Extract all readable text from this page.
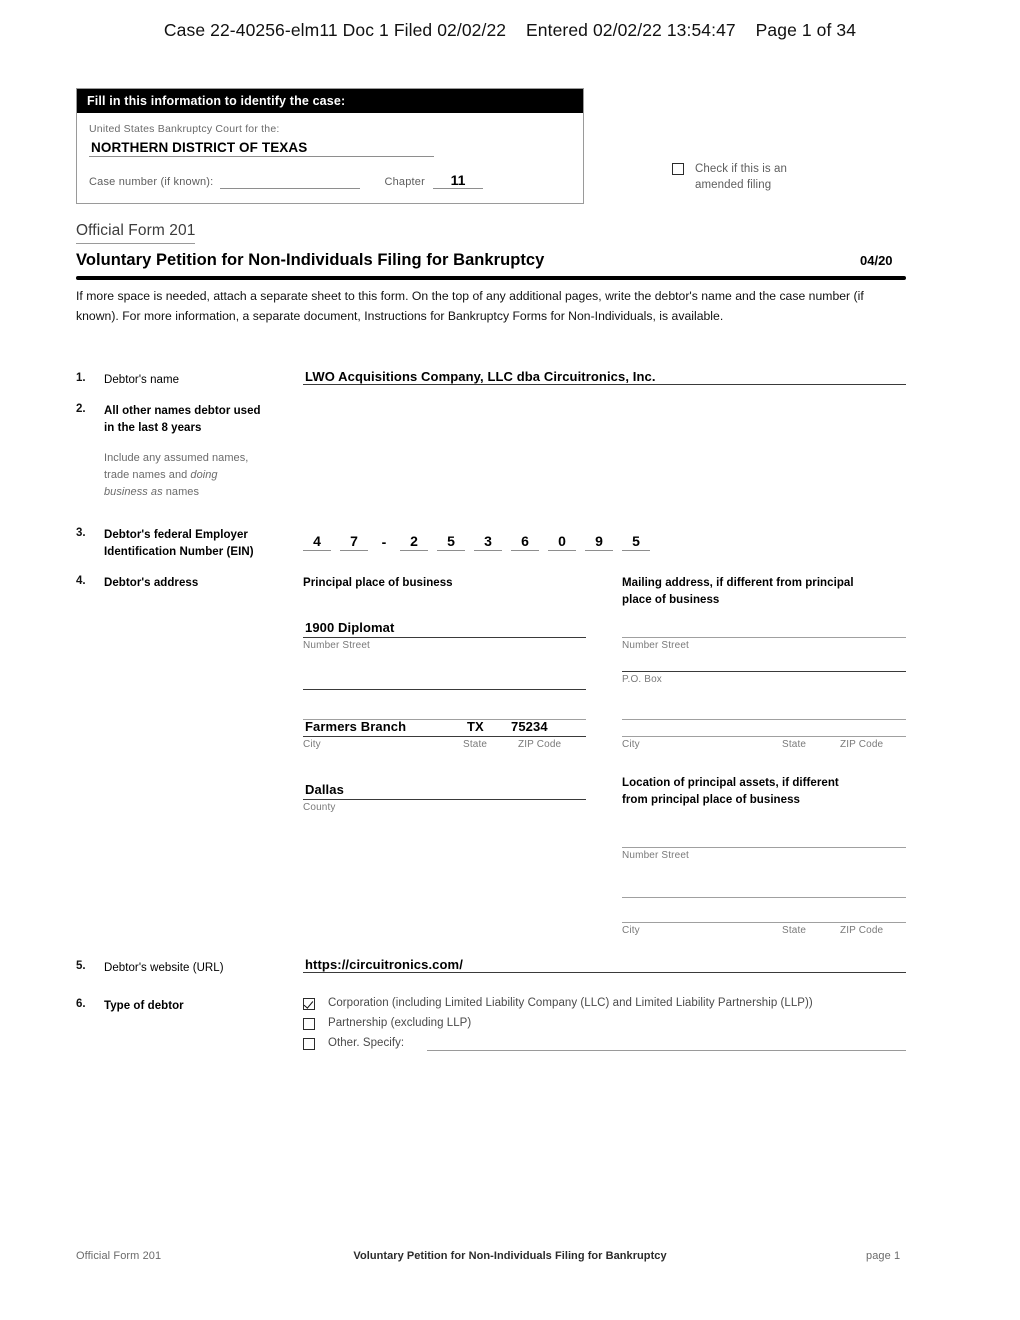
Case 22-40256-elm11 Doc 1 Filed 02/02/22 Entered 02/02/22 13:54:47 Page 1 of 34
Fill in this information to identify the case:
United States Bankruptcy Court for the:
NORTHERN DISTRICT OF TEXAS
Case number (if known):	Chapter	11
Check if this is an
amended filing
Official Form 201
Voluntary Petition for Non-Individuals Filing for Bankruptcy	04/20
If more space is needed, attach a separate sheet to this form. On the top of any additional pages, write the debtor's name and the case number (if known). For more information, a separate document, Instructions for Bankruptcy Forms for Non-Individuals, is available.
1. Debtor's name	LWO Acquisitions Company, LLC dba Circuitronics, Inc.
2. All other names debtor used
in the last 8 years
Include any assumed names,
trade names and doing
business as names
3. Debtor's federal Employer
Identification Number (EIN)
4	7	-	2	5	3	6	0	9	5
4. Debtor's address	Principal place of business	Mailing address, if different from principal
place of business
1900 Diplomat
Number Street
Farmers Branch	TX	75234
City	State	ZIP Code
Dallas
County
Number Street
P.O. Box
City	State	ZIP Code
Location of principal assets, if different
from principal place of business
Number Street
City	State	ZIP Code
5. Debtor's website (URL)	https://circuitronics.com/
6. Type of debtor	Corporation (including Limited Liability Company (LLC) and Limited Liability Partnership (LLP))
Partnership (excluding LLP)
Other. Specify:
Official Form 201	Voluntary Petition for Non-Individuals Filing for Bankruptcy	page 1
